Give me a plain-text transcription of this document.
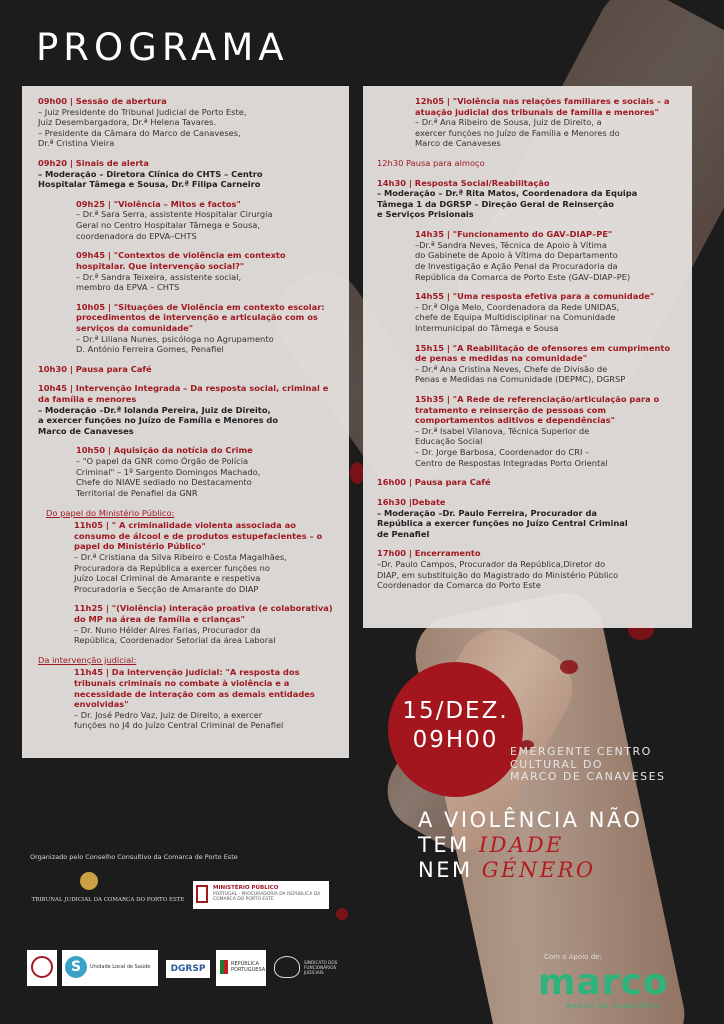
PROGRAMA
09h00 | Sessão de abertura
– Juiz Presidente do Tribunal Judicial de Porto Este,
Juiz Desembargadora, Dr.ª Helena Tavares.
– Presidente da Câmara do Marco de Canaveses,
Dr.ª Cristina Vieira
09h20 | Sinais de alerta
– Moderação – Diretora Clínica do CHTS – Centro
Hospitalar Tâmega e Sousa, Dr.ª Filipa Carneiro
09h25 | "Violência – Mitos e factos"
– Dr.ª Sara Serra, assistente Hospitalar Cirurgia
Geral no Centro Hospitalar Tâmega e Sousa,
coordenadora do EPVA–CHTS
09h45 | "Contextos de violência em contexto hospitalar. Que intervenção social?"
– Dr.ª Sandra Teixeira, assistente social,
membro da EPVA – CHTS
10h05 | "Situações de Violência em contexto escolar: procedimentos de intervenção e articulação com os serviços da comunidade"
– Dr.ª Liliana Nunes, psicóloga no Agrupamento
D. António Ferreira Gomes, Penafiel
10h30 | Pausa para Café
10h45 | Intervenção Integrada – Da resposta social, criminal e da família e menores
– Moderação –Dr.ª Iolanda Pereira, Juiz de Direito,
a exercer funções no Juízo de Família e Menores do
Marco de Canaveses
10h50 | Aquisição da notícia do Crime
– "O papel da GNR como Órgão de Polícia
Criminal" – 1º Sargento Domingos Machado,
Chefe do NIAVE sediado no Destacamento
Territorial de Penafiel da GNR
Do papel do Ministério Público:
11h05 | " A criminalidade violenta associada ao consumo de álcool e de produtos estupefacientes – o papel do Ministério Público"
– Dr.ª Cristiana da Silva Ribeiro e Costa Magalhães,
Procuradora da República a exercer funções no
Juízo Local Criminal de Amarante e respetiva
Procuradoria e Secção de Amarante do DIAP
11h25 | "(Violência) interação proativa (e colaborativa) do MP na área de família e crianças"
– Dr. Nuno Hélder Aires Farias, Procurador da
República, Coordenador Setorial da área Laboral
Da intervenção judicial:
11h45 | Da intervenção judicial: "A resposta dos tribunais criminais no combate à violência e a necessidade de interação com as demais entidades envolvidas"
– Dr. José Pedro Vaz, Juiz de Direito, a exercer
funções no J4 do Juízo Central Criminal de Penafiel
12h05 | "Violência nas relações familiares e sociais – a atuação judicial dos tribunais de família e menores"
– Dr.ª Ana Ribeiro de Sousa, Juiz de Direito, a
exercer funções no Juízo de Família e Menores do
Marco de Canaveses
12h30 Pausa para almoço
14h30 | Resposta Social/Reabilitação
– Moderação – Dr.ª Rita Matos, Coordenadora da Equipa
Tâmega 1 da DGRSP – Direção Geral de Reinserção
e Serviços Prisionais
14h35 | "Funcionamento do GAV–DIAP–PE"
–Dr.ª Sandra Neves, Técnica de Apoio à Vítima
do Gabinete de Apoio à Vítima do Departamento
de Investigação e Ação Penal da Procuradoria da
República da Comarca de Porto Este (GAV–DIAP–PE)
14h55 | "Uma resposta efetiva para a comunidade"
– Dr.ª Olga Melo, Coordenadora da Rede UNIDAS,
chefe de Equipa Multidisciplinar na Comunidade
Intermunicipal do Tâmega e Sousa
15h15 | "A Reabilitação de ofensores em cumprimento de penas e medidas na comunidade"
– Dr.ª Ana Cristina Neves, Chefe de Divisão de
Penas e Medidas na Comunidade (DEPMC), DGRSP
15h35 | "A Rede de referenciação/articulação para o tratamento e reinserção de pessoas com comportamentos aditivos e dependências"
– Dr.ª Isabel Vilanova, Técnica Superior de
Educação Social
– Dr. Jorge Barbosa, Coordenador do CRI –
Centro de Respostas Integradas Porto Oriental
16h00 | Pausa para Café
16h30 |Debate
– Moderação –Dr. Paulo Ferreira, Procurador da
República a exercer funções no Juízo Central Criminal
de Penafiel
17h00 | Encerramento
–Dr. Paulo Campos, Procurador da República,Diretor do
DIAP, em substituição do Magistrado do Ministério Público
Coordenador da Comarca do Porto Este
15/DEZ.
09H00	EMERGENTE CENTRO
CULTURAL DO
MARCO DE CANAVESES
A VIOLÊNCIA NÃO
TEM IDADE
NEM GÉNERO
Organizado pelo Conselho Consultivo da Comarca de Porto Este
TRIBUNAL JUDICIAL DA COMARCA DO PORTO ESTE
MINISTÉRIO PÚBLICO
PORTUGAL · PROCURADORIA DA REPÚBLICA DA COMARCA DO PORTO ESTE
S	Unidade Local de Saúde	DGRSP	REPÚBLICA PORTUGUESA
SINDICATO DOS FUNCIONÁRIOS JUDICIAIS
Com o Apoio de:
marco
MARCO DE CANAVESES
